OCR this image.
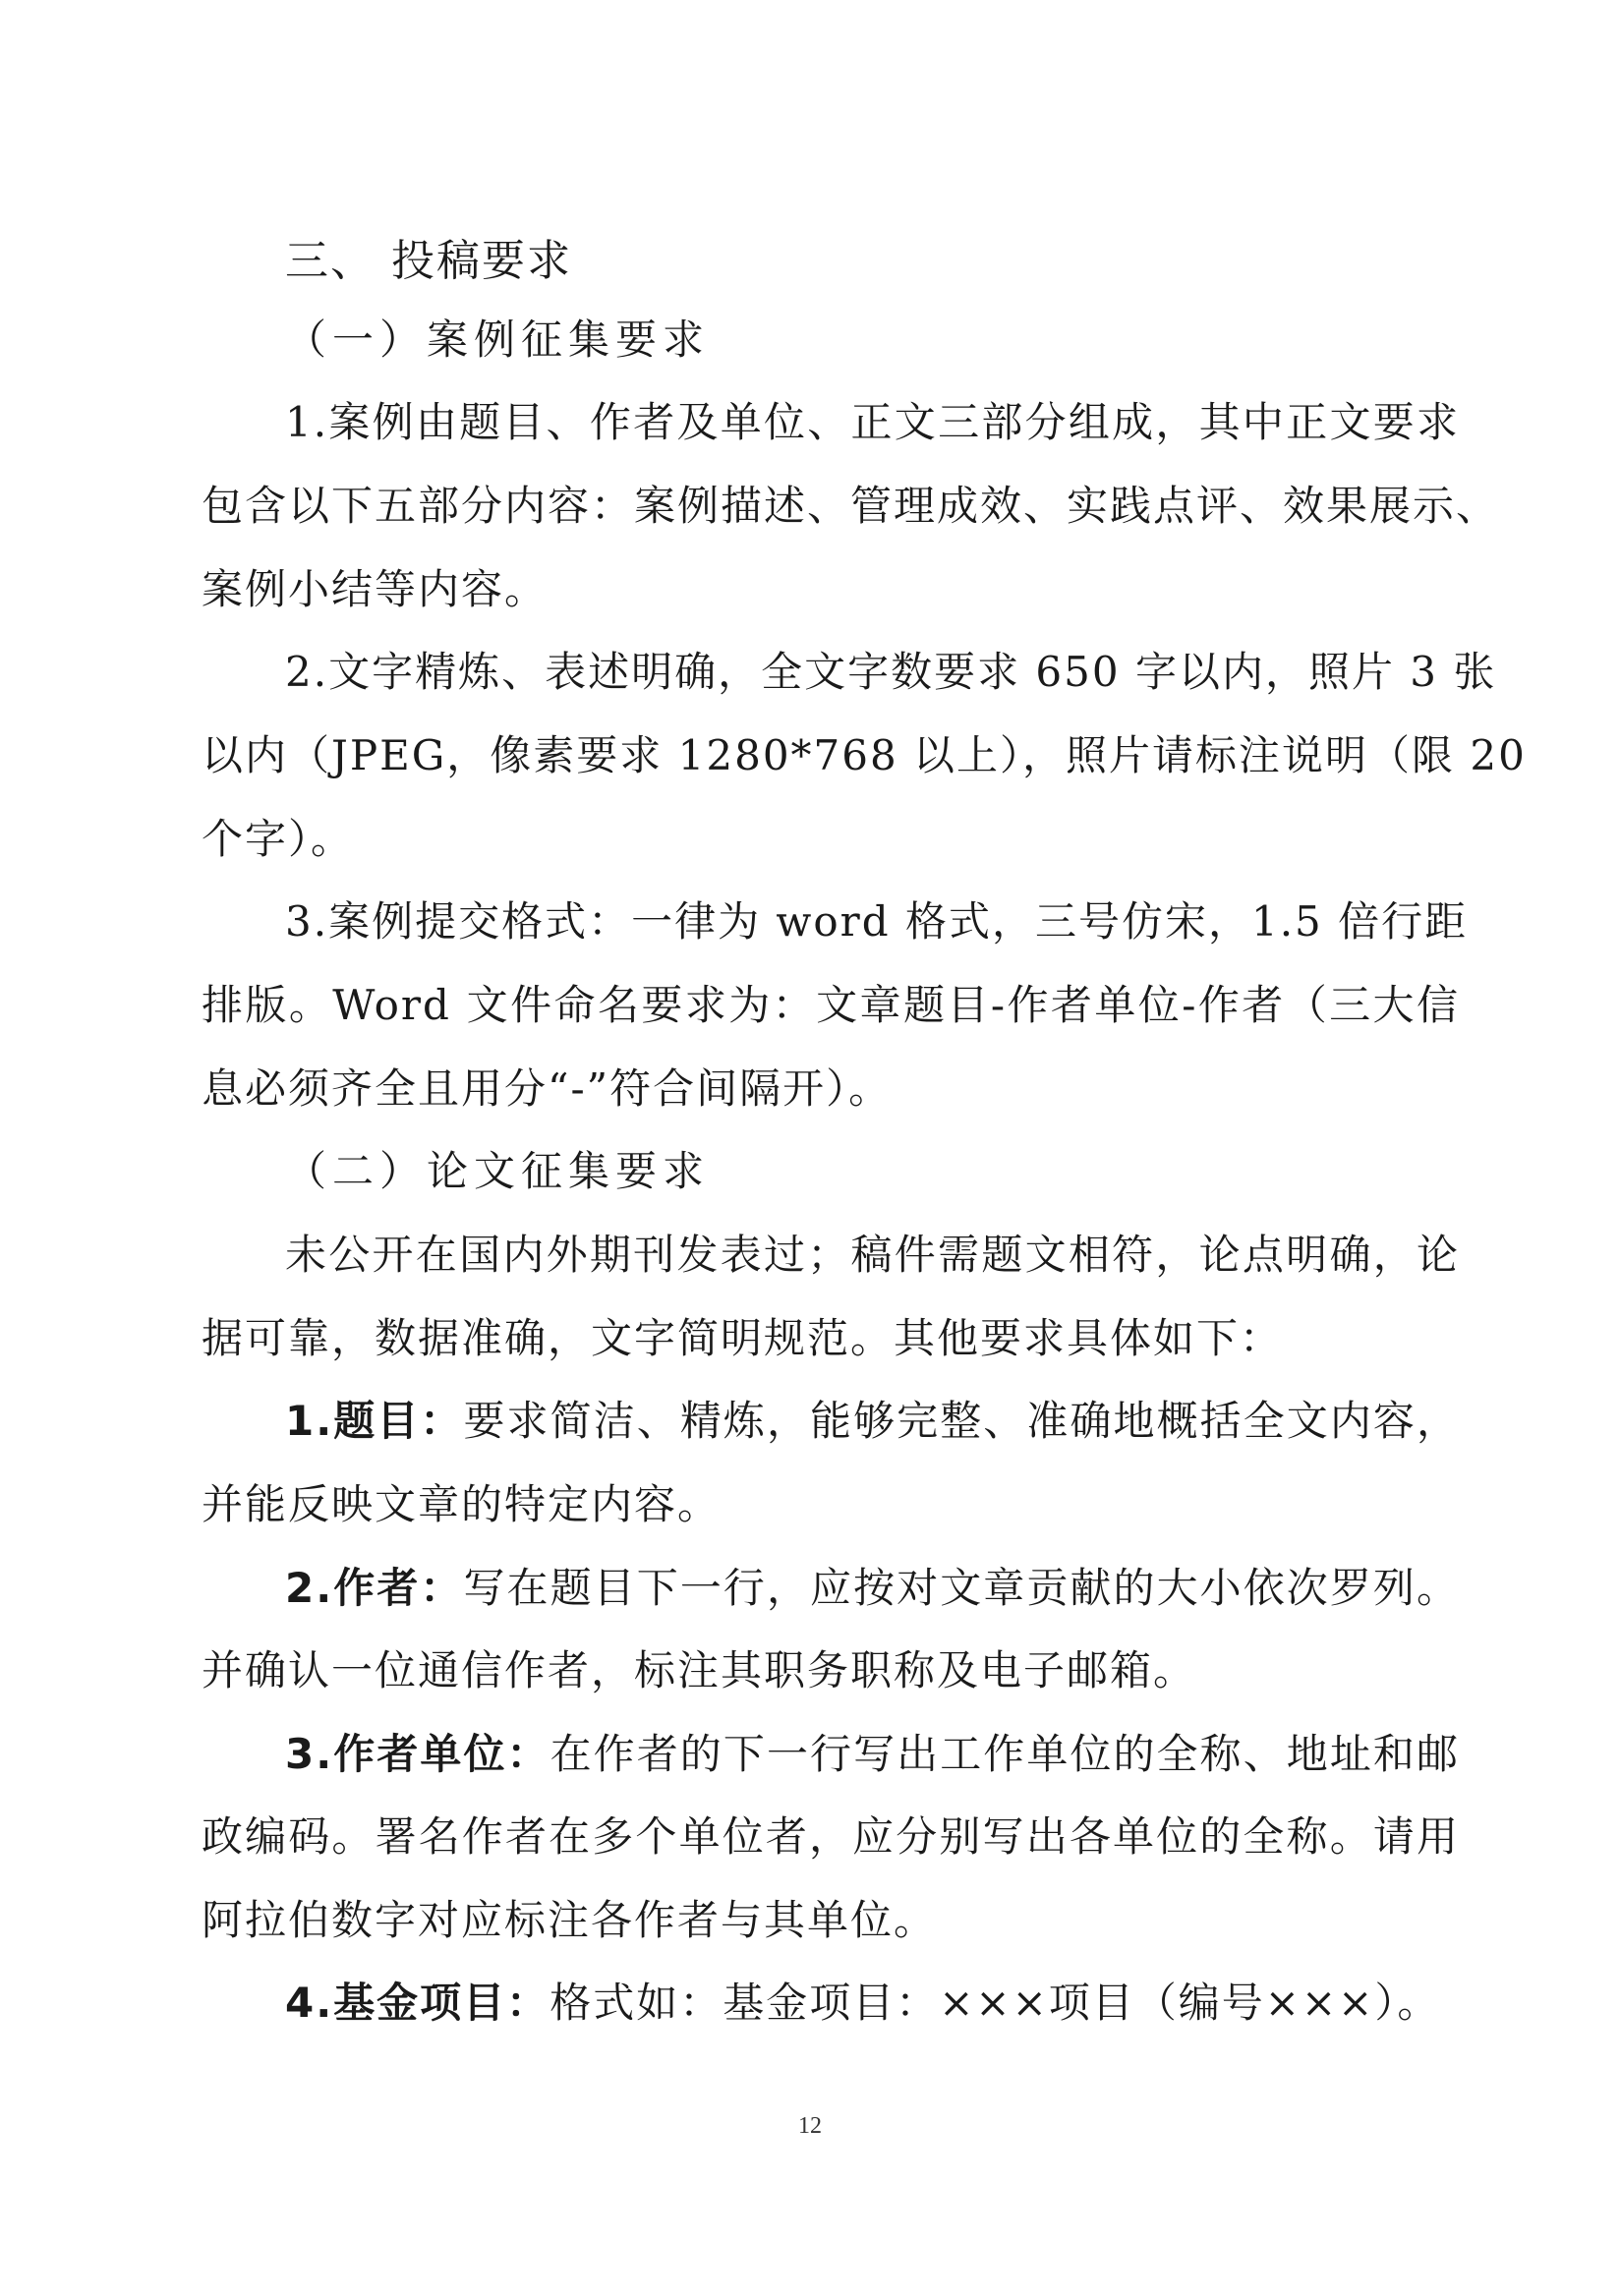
三、 投稿要求
（一）案例征集要求
1.案例由题目、作者及单位、正文三部分组成，其中正文要求
包含以下五部分内容：案例描述、管理成效、实践点评、效果展示、
案例小结等内容。
2.文字精炼、表述明确，全文字数要求 650 字以内，照片 3 张
以内（JPEG，像素要求 1280*768 以上），照片请标注说明（限 20
个字）。
3.案例提交格式：一律为 word 格式，三号仿宋，1.5 倍行距
排版。Word 文件命名要求为：文章题目-作者单位-作者（三大信
息必须齐全且用分“-”符合间隔开）。
（二）论文征集要求
未公开在国内外期刊发表过；稿件需题文相符，论点明确，论
据可靠，数据准确，文字简明规范。其他要求具体如下：
1.题目：要求简洁、精炼，能够完整、准确地概括全文内容，
并能反映文章的特定内容。
2.作者：写在题目下一行，应按对文章贡献的大小依次罗列。
并确认一位通信作者，标注其职务职称及电子邮箱。
3.作者单位：在作者的下一行写出工作单位的全称、地址和邮
政编码。署名作者在多个单位者，应分别写出各单位的全称。请用
阿拉伯数字对应标注各作者与其单位。
4.基金项目：格式如：基金项目：×××项目（编号×××）。
12
